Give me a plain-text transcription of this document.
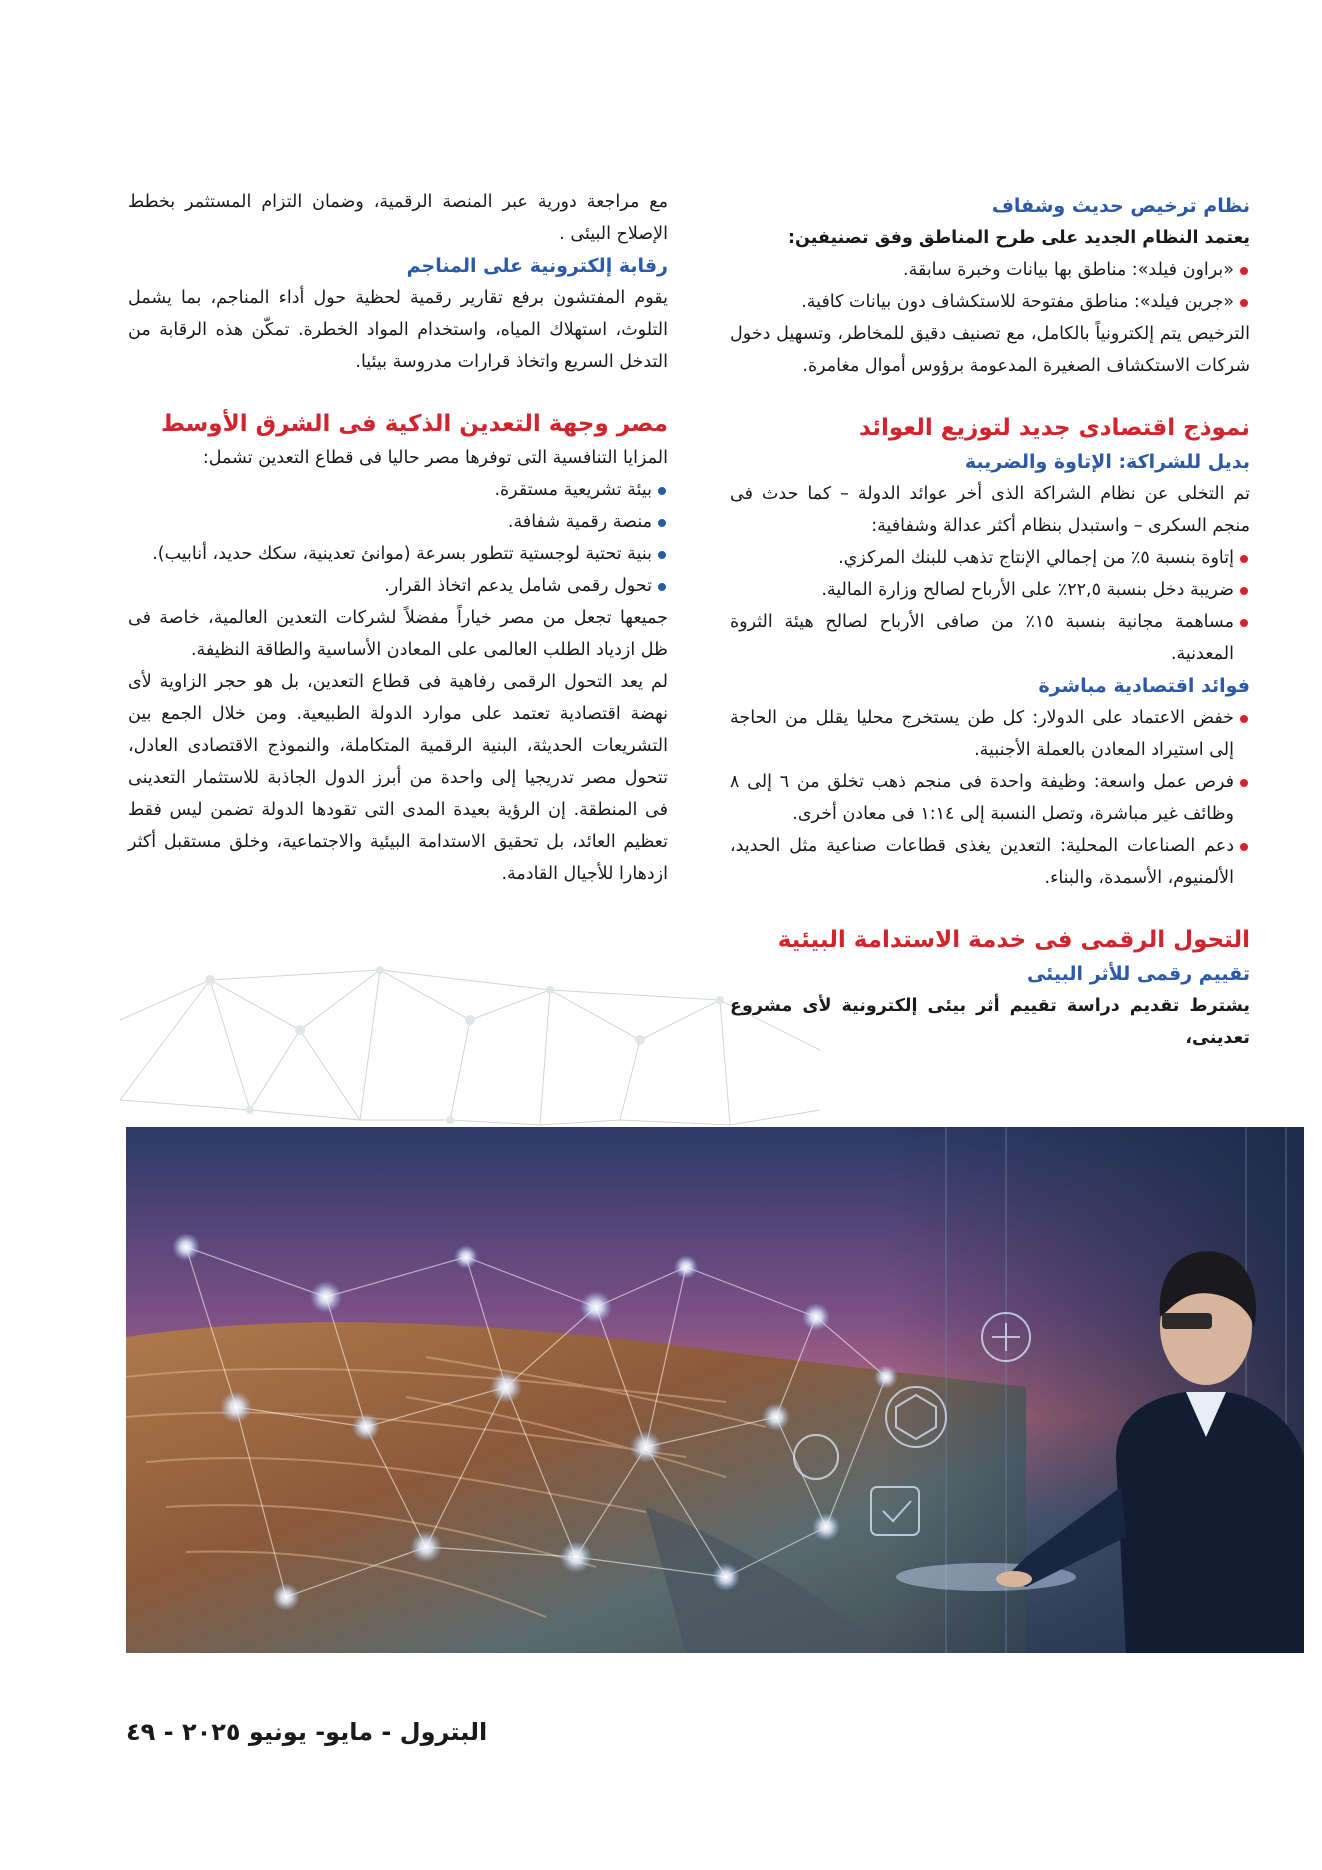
نظام ترخيص حديث وشفاف

يعتمد النظام الجديد على طرح المناطق وفق تصنيفين:

«براون فيلد»: مناطق بها بيانات وخبرة سابقة.
«جرين فيلد»: مناطق مفتوحة للاستكشاف دون بيانات كافية.

الترخيص يتم إلكترونياً بالكامل، مع تصنيف دقيق للمخاطر، وتسهيل دخول شركات الاستكشاف الصغيرة المدعومة برؤوس أموال مغامرة.

نموذج اقتصادى جديد لتوزيع العوائد
بديل للشراكة: الإتاوة والضريبة

تم التخلى عن نظام الشراكة الذى أخر عوائد الدولة – كما حدث فى منجم السكرى – واستبدل بنظام أكثر عدالة وشفافية:

إتاوة بنسبة ٥٪ من إجمالي الإنتاج تذهب للبنك المركزي.
ضريبة دخل بنسبة ٢٢,٥٪ على الأرباح لصالح وزارة المالية.
مساهمة مجانية بنسبة ١٥٪ من صافى الأرباح لصالح هيئة الثروة المعدنية.
فوائد اقتصادية مباشرة
خفض الاعتماد على الدولار: كل طن يستخرج محليا يقلل من الحاجة إلى استيراد المعادن بالعملة الأجنبية.
فرص عمل واسعة: وظيفة واحدة فى منجم ذهب تخلق من ٦ إلى ٨ وظائف غير مباشرة، وتصل النسبة إلى ١:١٤ فى معادن أخرى.
دعم الصناعات المحلية: التعدين يغذى قطاعات صناعية مثل الحديد، الألمنيوم، الأسمدة، والبناء.
التحول الرقمى فى خدمة الاستدامة البيئية
تقييم رقمى للأثر البيئى

يشترط تقديم دراسة تقييم أثر بيئى إلكترونية لأى مشروع تعدينى،

مع مراجعة دورية عبر المنصة الرقمية، وضمان التزام المستثمر بخطط الإصلاح البيئى .

رقابة إلكترونية على المناجم

يقوم المفتشون برفع تقارير رقمية لحظية حول أداء المناجم، بما يشمل التلوث، استهلاك المياه، واستخدام المواد الخطرة. تمكّن هذه الرقابة من التدخل السريع واتخاذ قرارات مدروسة بيئيا.

مصر وجهة التعدين الذكية فى الشرق الأوسط

المزايا التنافسية التى توفرها مصر حاليا فى قطاع التعدين تشمل:

بيئة تشريعية مستقرة.
منصة رقمية شفافة.
بنية تحتية لوجستية تتطور بسرعة (موانئ تعدينية، سكك حديد، أنابيب).
تحول رقمى شامل يدعم اتخاذ القرار.

جميعها تجعل من مصر خياراً مفضلاً لشركات التعدين العالمية، خاصة فى ظل ازدياد الطلب العالمى على المعادن الأساسية والطاقة النظيفة.

لم يعد التحول الرقمى رفاهية فى قطاع التعدين، بل هو حجر الزاوية لأى نهضة اقتصادية تعتمد على موارد الدولة الطبيعية. ومن خلال الجمع بين التشريعات الحديثة، البنية الرقمية المتكاملة، والنموذج الاقتصادى العادل، تتحول مصر تدريجيا إلى واحدة من أبرز الدول الجاذبة للاستثمار التعدينى فى المنطقة. إن الرؤية بعيدة المدى التى تقودها الدولة تضمن ليس فقط تعظيم العائد، بل تحقيق الاستدامة البيئية والاجتماعية، وخلق مستقبل أكثر ازدهارا للأجيال القادمة.

البترول - مايو- يونيو ٢٠٢٥ - ٤٩
